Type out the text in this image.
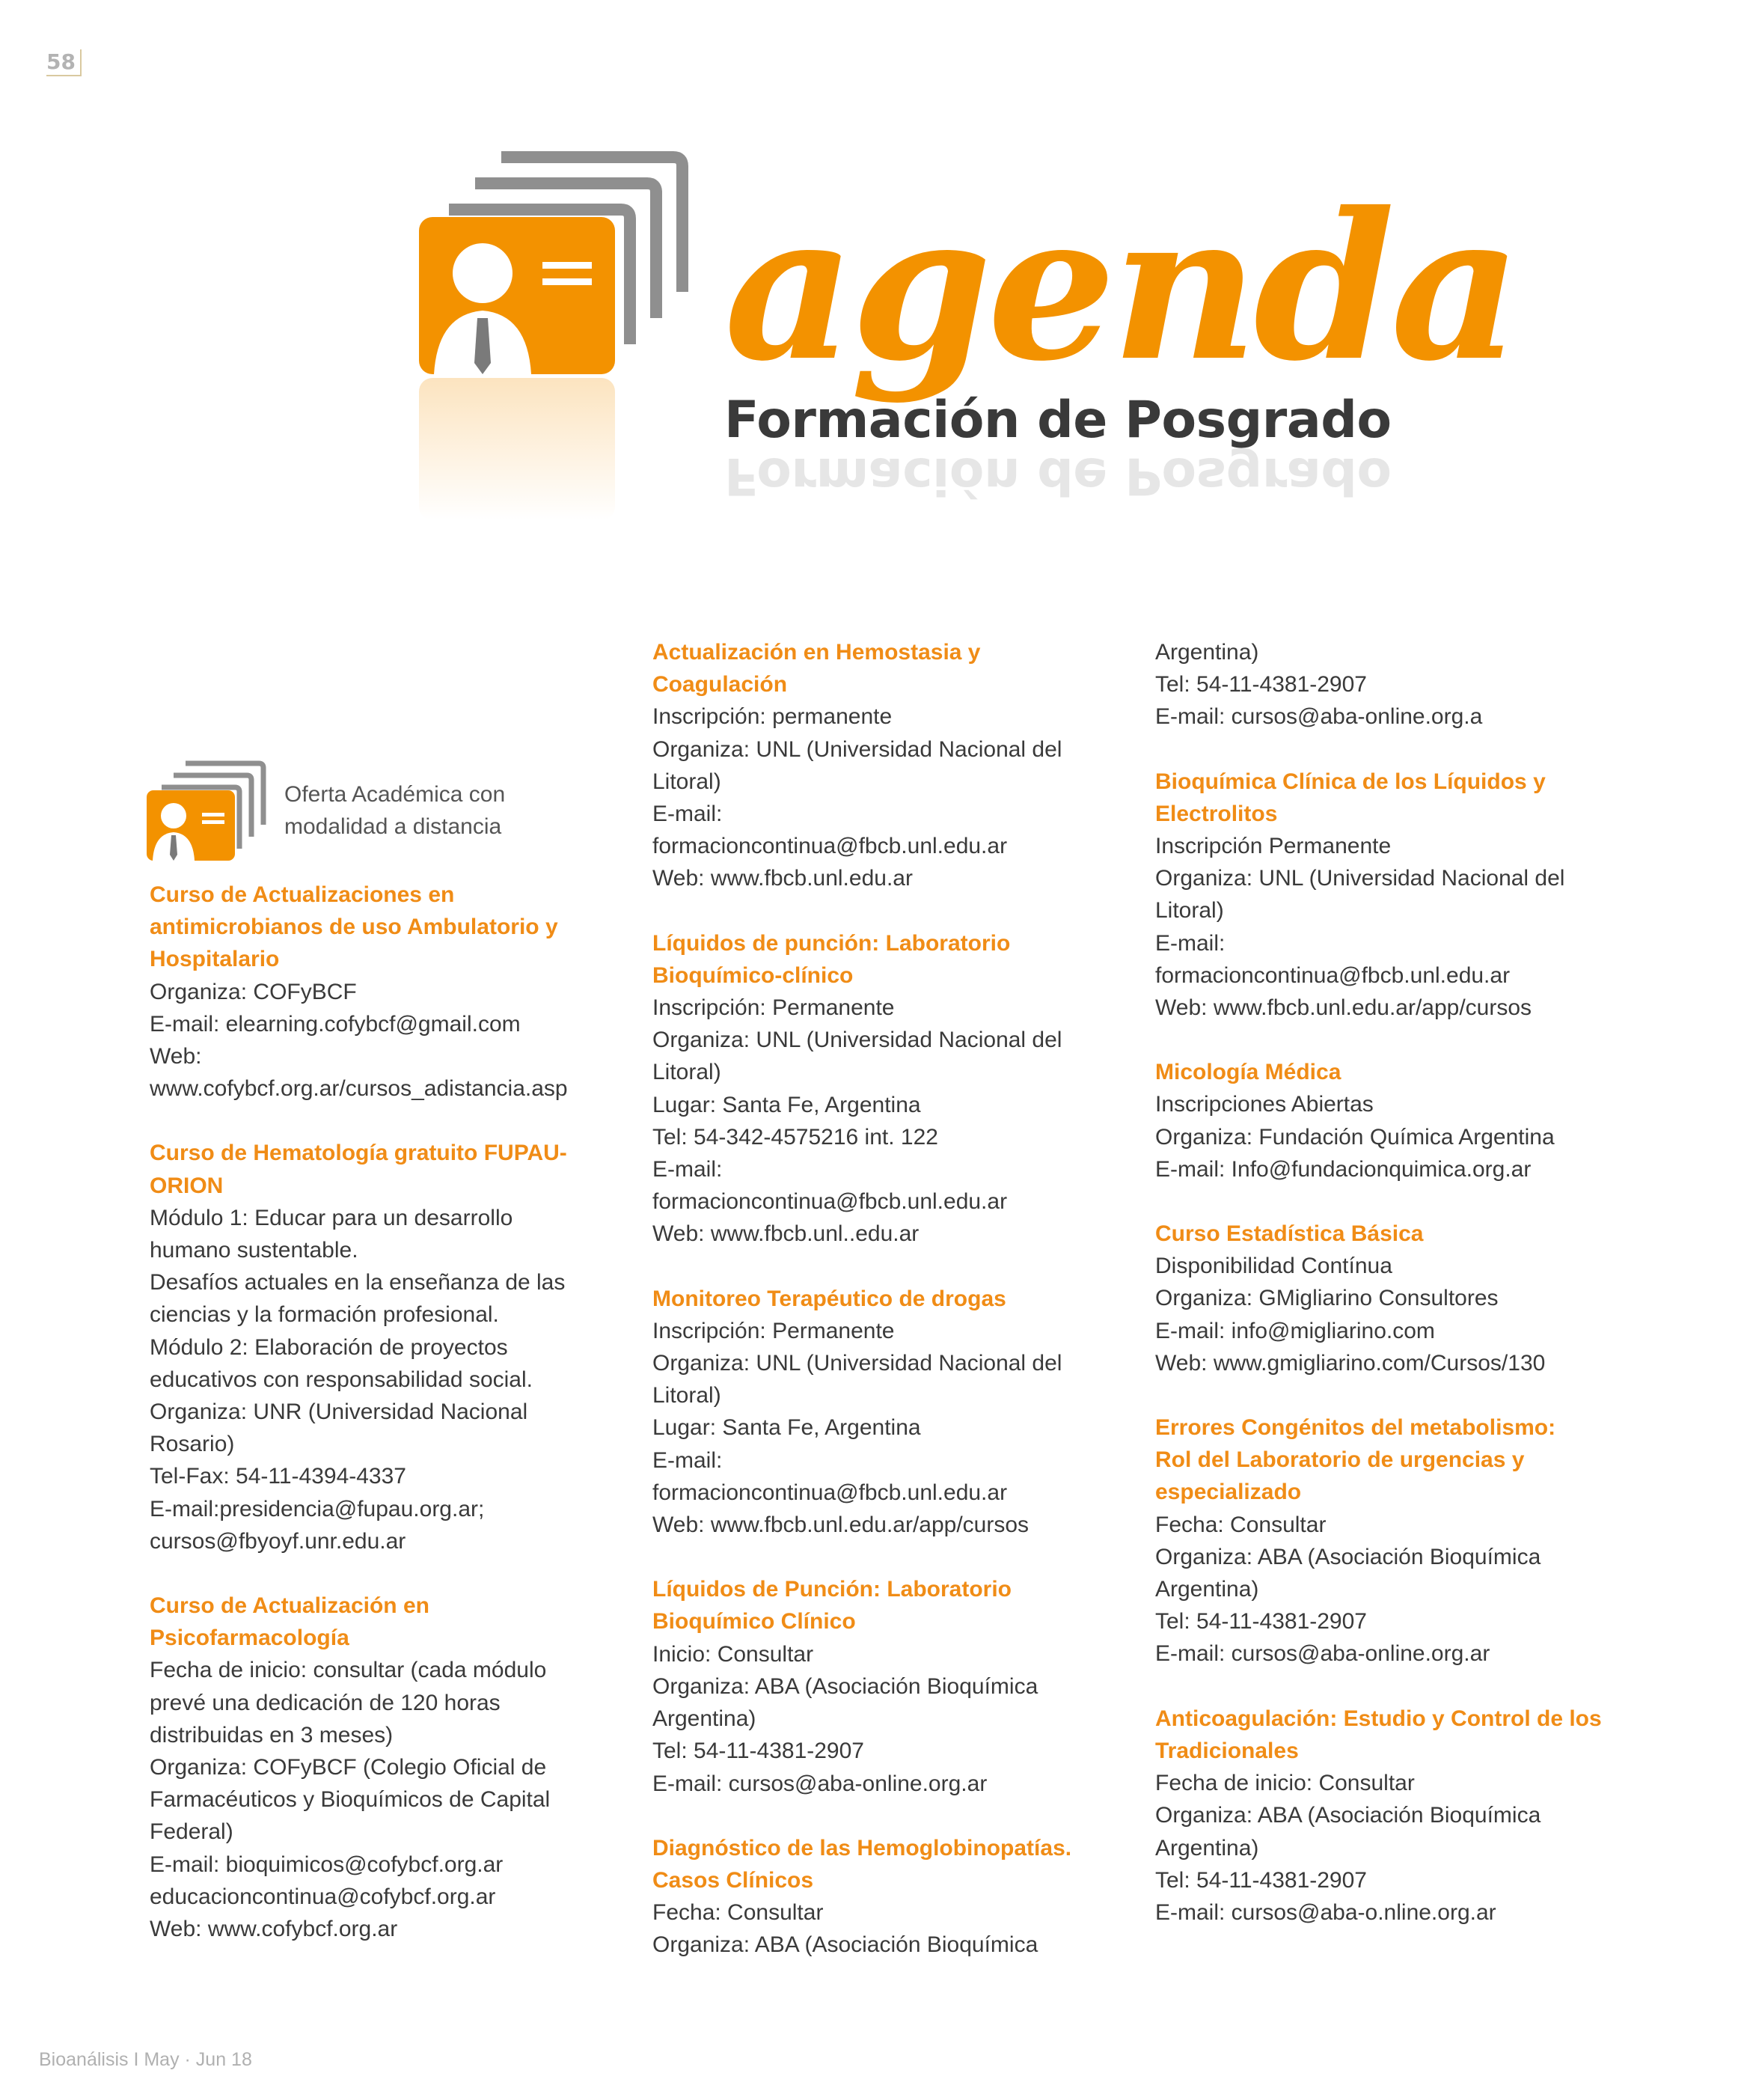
58
agenda
Formación de Posgrado
Formación de Posgrado
Oferta Académica con
modalidad a distancia
Curso de Actualizaciones en
antimicrobianos de uso Ambulatorio y
Hospitalario
Organiza: COFyBCF
E-mail: elearning.cofybcf@gmail.com
Web:
www.cofybcf.org.ar/cursos_adistancia.asp
Curso de Hematología gratuito FUPAU-
ORION
Módulo 1: Educar para un desarrollo
humano sustentable.
Desafíos actuales en la enseñanza de las
ciencias y la formación profesional.
Módulo 2: Elaboración de proyectos
educativos con responsabilidad social.
Organiza: UNR (Universidad Nacional
Rosario)
Tel-Fax: 54-11-4394-4337
E-mail:presidencia@fupau.org.ar;
cursos@fbyoyf.unr.edu.ar
Curso de Actualización en
Psicofarmacología
Fecha de inicio: consultar (cada módulo
prevé una dedicación de 120 horas
distribuidas en 3 meses)
Organiza: COFyBCF (Colegio Oficial de
Farmacéuticos y Bioquímicos de Capital
Federal)
E-mail: bioquimicos@cofybcf.org.ar
educacioncontinua@cofybcf.org.ar
Web: www.cofybcf.org.ar
Actualización en Hemostasia y
Coagulación
Inscripción: permanente
Organiza: UNL (Universidad Nacional del
Litoral)
E-mail:
formacioncontinua@fbcb.unl.edu.ar
Web: www.fbcb.unl.edu.ar
Líquidos de punción: Laboratorio
Bioquímico-clínico
Inscripción: Permanente
Organiza: UNL (Universidad Nacional del
Litoral)
Lugar: Santa Fe, Argentina
Tel: 54-342-4575216 int. 122
E-mail:
formacioncontinua@fbcb.unl.edu.ar
Web: www.fbcb.unl..edu.ar
Monitoreo Terapéutico de drogas
Inscripción: Permanente
Organiza: UNL (Universidad Nacional del
Litoral)
Lugar: Santa Fe, Argentina
E-mail:
formacioncontinua@fbcb.unl.edu.ar
Web: www.fbcb.unl.edu.ar/app/cursos
Líquidos de Punción: Laboratorio
Bioquímico Clínico
Inicio: Consultar
Organiza: ABA (Asociación Bioquímica
Argentina)
Tel: 54-11-4381-2907
E-mail: cursos@aba-online.org.ar
Diagnóstico de las Hemoglobinopatías.
Casos Clínicos
Fecha: Consultar
Organiza: ABA (Asociación Bioquímica
Argentina)
Tel: 54-11-4381-2907
E-mail: cursos@aba-online.org.a
Bioquímica Clínica de los Líquidos y
Electrolitos
Inscripción Permanente
Organiza: UNL (Universidad Nacional del
Litoral)
E-mail:
formacioncontinua@fbcb.unl.edu.ar
Web: www.fbcb.unl.edu.ar/app/cursos
Micología Médica
Inscripciones Abiertas
Organiza: Fundación Química Argentina
E-mail: Info@fundacionquimica.org.ar
Curso Estadística Básica
Disponibilidad Contínua
Organiza: GMigliarino Consultores
E-mail: info@migliarino.com
Web: www.gmigliarino.com/Cursos/130
Errores Congénitos del metabolismo:
Rol del Laboratorio de urgencias y
especializado
Fecha: Consultar
Organiza: ABA (Asociación Bioquímica
Argentina)
Tel: 54-11-4381-2907
E-mail: cursos@aba-online.org.ar
Anticoagulación: Estudio y Control de los
Tradicionales
Fecha de inicio: Consultar
Organiza: ABA (Asociación Bioquímica
Argentina)
Tel: 54-11-4381-2907
E-mail: cursos@aba-o.nline.org.ar
Bioanálisis I May · Jun 18
